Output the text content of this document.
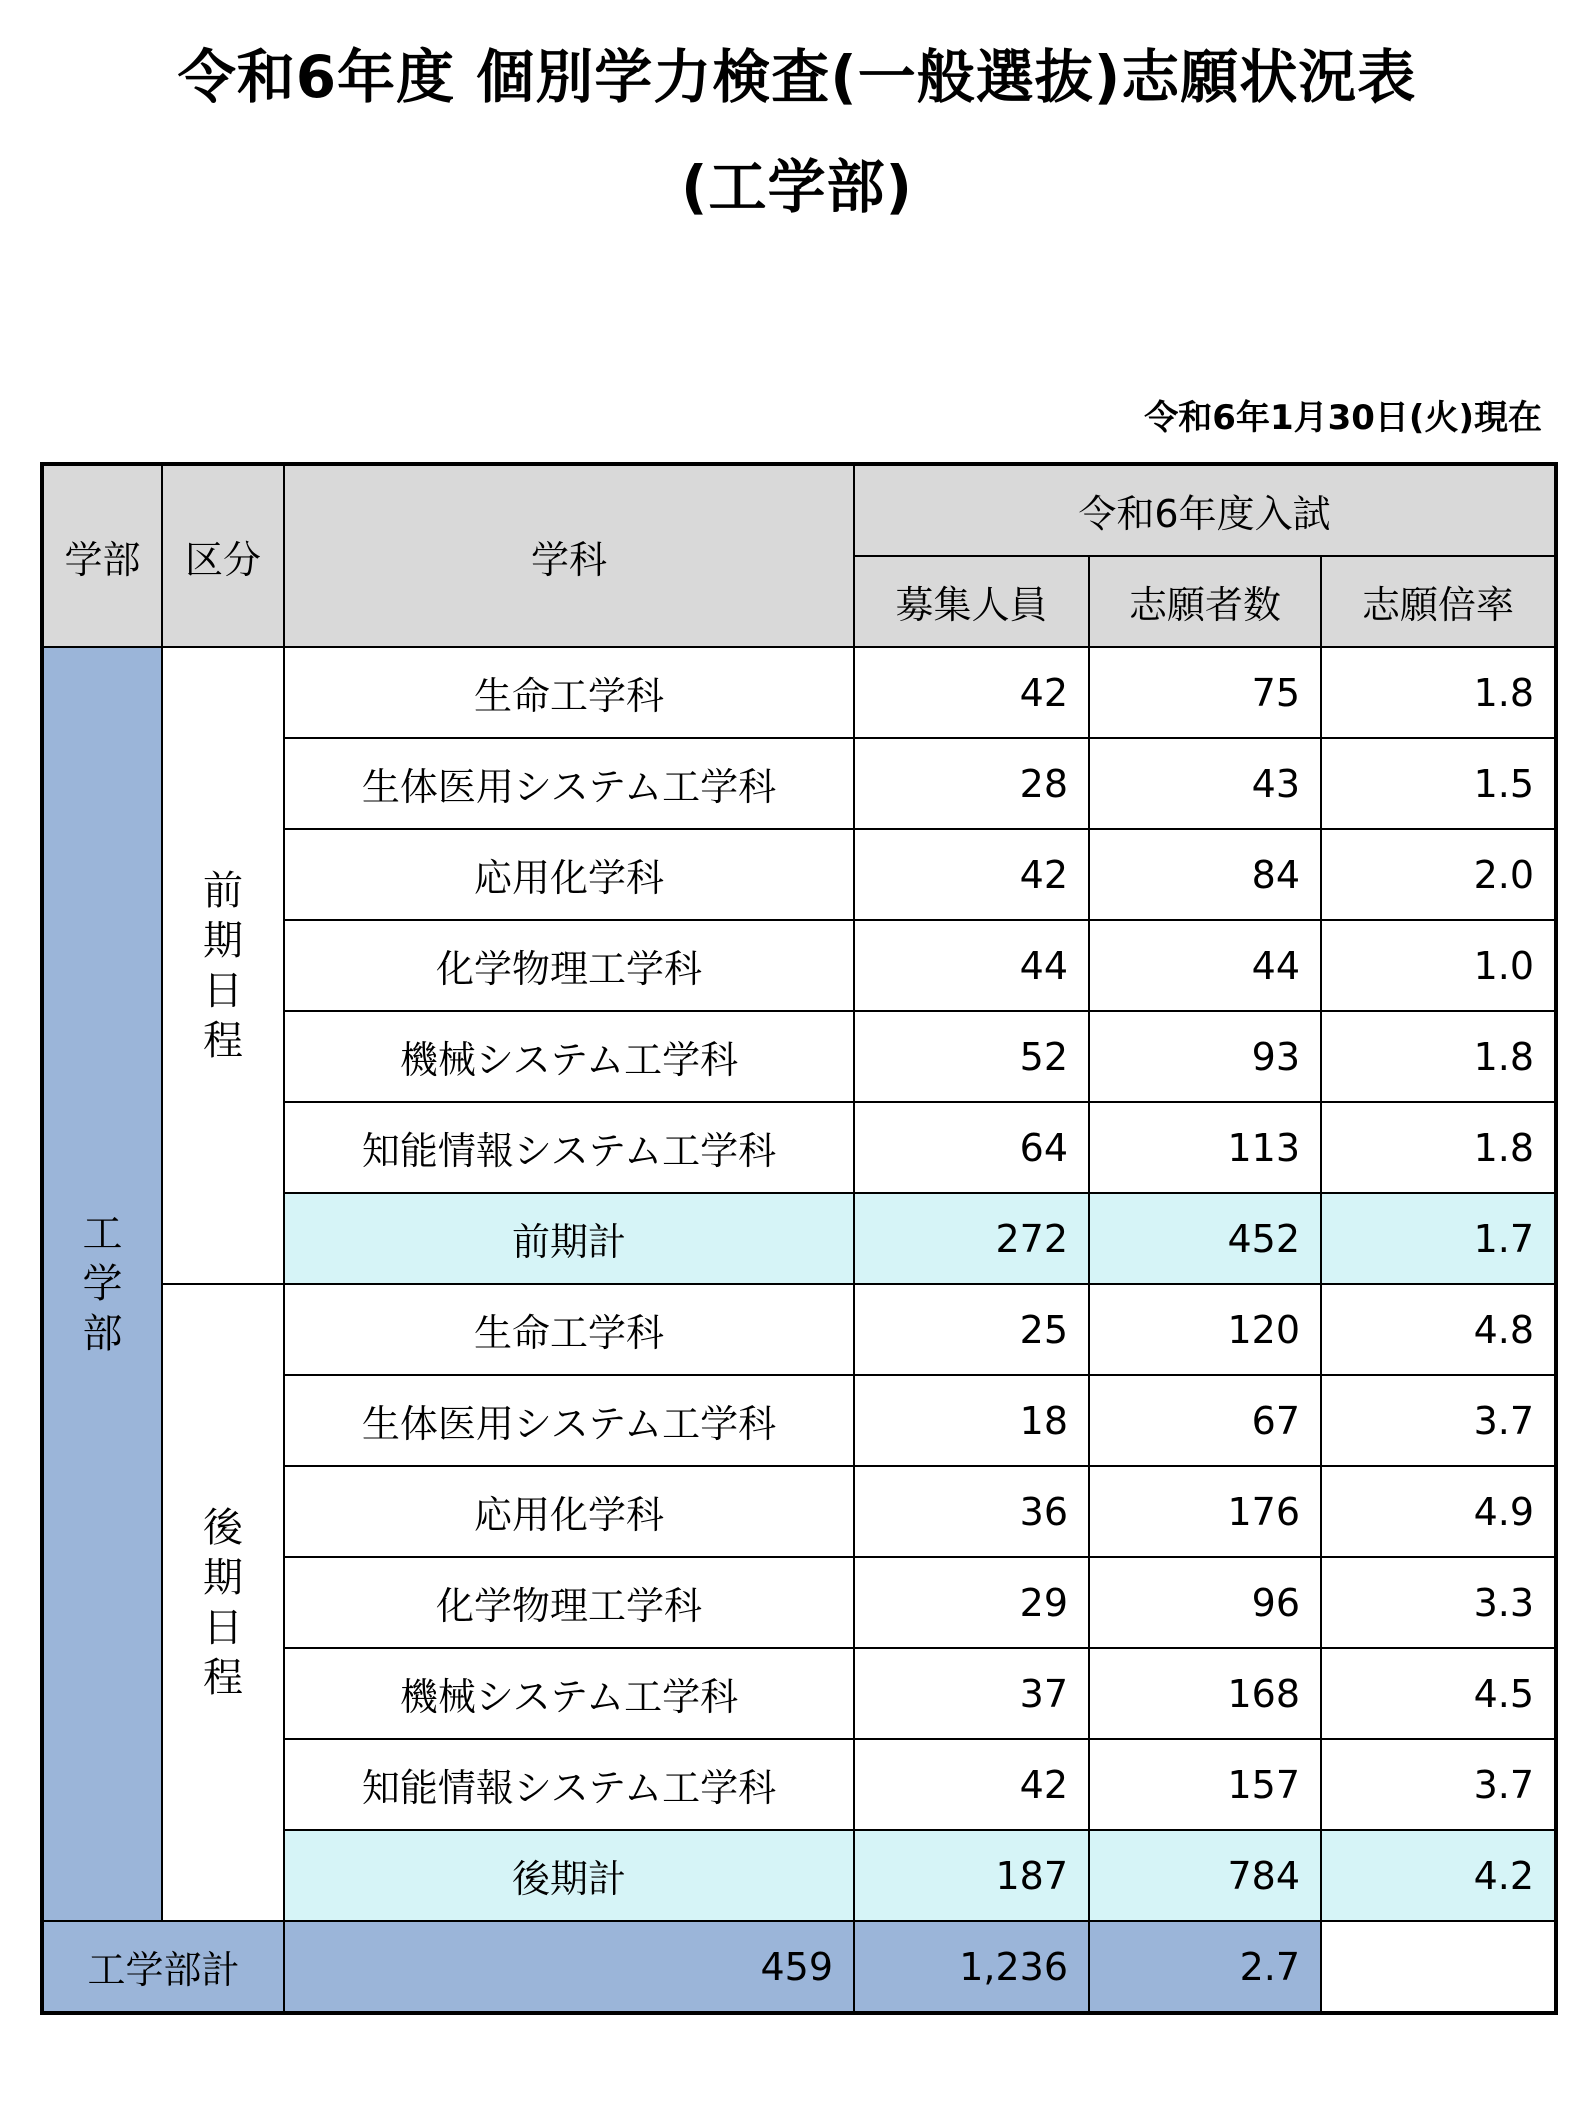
令和6年度 個別学力検査(一般選抜)志願状況表
(工学部)
令和6年1月30日(火)現在
学部	区分	学科	令和6年度入試		
			募集人員	志願者数	志願倍率
工学部	前期日程	生命工学科	42	75	1.8
		生体医用システム工学科	28	43	1.5
		応用化学科	42	84	2.0
		化学物理工学科	44	44	1.0
		機械システム工学科	52	93	1.8
		知能情報システム工学科	64	113	1.8
		前期計	272	452	1.7
	後期日程	生命工学科	25	120	4.8
		生体医用システム工学科	18	67	3.7
		応用化学科	36	176	4.9
		化学物理工学科	29	96	3.3
		機械システム工学科	37	168	4.5
		知能情報システム工学科	42	157	3.7
		後期計	187	784	4.2
工学部計		459	1,236	2.7	
